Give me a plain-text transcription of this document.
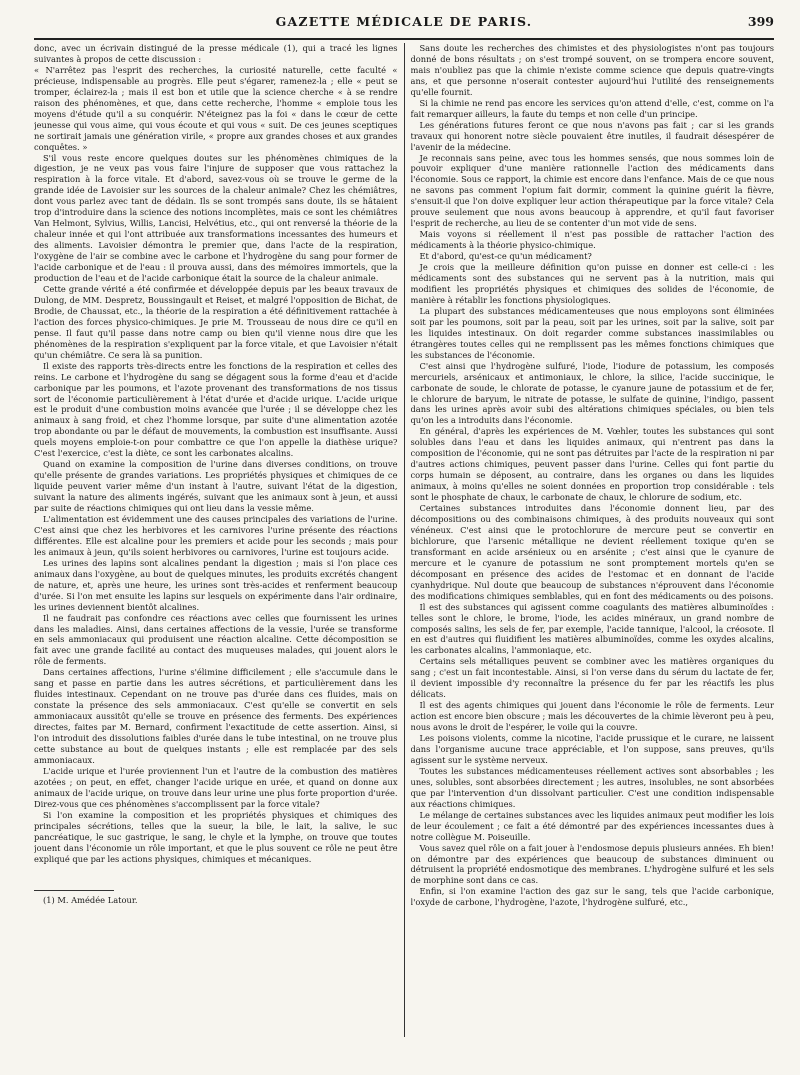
GAZETTE MÉDICALE DE PARIS.	399

donc, avec un écrivain distingué de la presse médicale (1), qui a tracé les lignes suivantes à propos de cette discussion :

« N'arrêtez pas l'esprit des recherches, la curiosité naturelle, cette faculté « précieuse, indispensable au progrès. Elle peut s'égarer, ramenez-la ; elle « peut se tromper, éclairez-la ; mais il est bon et utile que la science cherche « à se rendre raison des phénomènes, et que, dans cette recherche, l'homme « emploie tous les moyens d'étude qu'il a su conquérir. N'éteignez pas la foi « dans le cœur de cette jeunesse qui vous aime, qui vous écoute et qui vous « suit. De ces jeunes sceptiques ne sortirait jamais une génération virile, « propre aux grandes choses et aux grandes conquêtes. »

S'il vous reste encore quelques doutes sur les phénomènes chimiques de la digestion, je ne veux pas vous faire l'injure de supposer que vous rattachez la respiration à la force vitale. Et d'abord, savez-vous où se trouve le germe de la grande idée de Lavoisier sur les sources de la chaleur animale? Chez les chémiâtres, dont vous parlez avec tant de dédain. Ils se sont trompés sans doute, ils se hâtaient trop d'introduire dans la science des notions incomplètes, mais ce sont les chémiâtres Van Helmont, Sylvius, Willis, Lancisi, Helvétius, etc., qui ont renversé la théorie de la chaleur innée et qui l'ont attribuée aux transformations incessantes des humeurs et des aliments. Lavoisier démontra le premier que, dans l'acte de la respiration, l'oxygène de l'air se combine avec le carbone et l'hydrogène du sang pour former de l'acide carbonique et de l'eau : il prouva aussi, dans des mémoires immortels, que la production de l'eau et de l'acide carbonique était la source de la chaleur animale.

Cette grande vérité a été confirmée et développée depuis par les beaux travaux de Dulong, de MM. Despretz, Boussingault et Reiset, et malgré l'opposition de Bichat, de Brodie, de Chaussat, etc., la théorie de la respiration a été définitivement rattachée à l'action des forces physico-chimiques. Je prie M. Trousseau de nous dire ce qu'il en pense. Il faut qu'il passe dans notre camp ou bien qu'il vienne nous dire que les phénomènes de la respiration s'expliquent par la force vitale, et que Lavoisier n'était qu'un chémiâtre. Ce sera là sa punition.

Il existe des rapports très-directs entre les fonctions de la respiration et celles des reins. Le carbone et l'hydrogène du sang se dégagent sous la forme d'eau et d'acide carbonique par les poumons, et l'azote provenant des transformations de nos tissus sort de l'économie particulièrement à l'état d'urée et d'acide urique. L'acide urique est le produit d'une combustion moins avancée que l'urée ; il se développe chez les animaux à sang froid, et chez l'homme lorsque, par suite d'une alimentation azotée trop abondante ou par le défaut de mouvements, la combustion est insuffisante. Aussi quels moyens emploie-t-on pour combattre ce que l'on appelle la diathèse urique? C'est l'exercice, c'est la diète, ce sont les carbonates alcalins.

Quand on examine la composition de l'urine dans diverses conditions, on trouve qu'elle présente de grandes variations. Les propriétés physiques et chimiques de ce liquide peuvent varier même d'un instant à l'autre, suivant l'état de la digestion, suivant la nature des aliments ingérés, suivant que les animaux sont à jeun, et aussi par suite de réactions chimiques qui ont lieu dans la vessie même.

L'alimentation est évidemment une des causes principales des variations de l'urine. C'est ainsi que chez les herbivores et les carnivores l'urine présente des réactions différentes. Elle est alcaline pour les premiers et acide pour les seconds ; mais pour les animaux à jeun, qu'ils soient herbivores ou carnivores, l'urine est toujours acide.

Les urines des lapins sont alcalines pendant la digestion ; mais si l'on place ces animaux dans l'oxygène, au bout de quelques minutes, les produits excrétés changent de nature, et, après une heure, les urines sont très-acides et renferment beaucoup d'urée. Si l'on met ensuite les lapins sur lesquels on expérimente dans l'air ordinaire, les urines deviennent bientôt alcalines.

Il ne faudrait pas confondre ces réactions avec celles que fournissent les urines dans les maladies. Ainsi, dans certaines affections de la vessie, l'urée se transforme en sels ammoniacaux qui produisent une réaction alcaline. Cette décomposition se fait avec une grande facilité au contact des muqueuses malades, qui jouent alors le rôle de ferments.

Dans certaines affections, l'urine s'élimine difficilement ; elle s'accumule dans le sang et passe en partie dans les autres sécrétions, et particulièrement dans les fluides intestinaux. Cependant on ne trouve pas d'urée dans ces fluides, mais on constate la présence des sels ammoniacaux. C'est qu'elle se convertit en sels ammoniacaux aussitôt qu'elle se trouve en présence des ferments. Des expériences directes, faites par M. Bernard, confirment l'exactitude de cette assertion. Ainsi, si l'on introduit des dissolutions faibles d'urée dans le tube intestinal, on ne trouve plus cette substance au bout de quelques instants ; elle est remplacée par des sels ammoniacaux.

L'acide urique et l'urée proviennent l'un et l'autre de la combustion des matières azotées ; on peut, en effet, changer l'acide urique en urée, et quand on donne aux animaux de l'acide urique, on trouve dans leur urine une plus forte proportion d'urée. Direz-vous que ces phénomènes s'accomplissent par la force vitale?

Si l'on examine la composition et les propriétés physiques et chimiques des principales sécrétions, telles que la sueur, la bile, le lait, la salive, le suc pancréatique, le suc gastrique, le sang, le chyle et la lymphe, on trouve que toutes jouent dans l'économie un rôle important, et que le plus souvent ce rôle ne peut être expliqué que par les actions physiques, chimiques et mécaniques.

(1) M. Amédée Latour.

Sans doute les recherches des chimistes et des physiologistes n'ont pas toujours donné de bons résultats ; on s'est trompé souvent, on se trompera encore souvent, mais n'oubliez pas que la chimie n'existe comme science que depuis quatre-vingts ans, et que personne n'oserait contester aujourd'hui l'utilité des renseignements qu'elle fournit.

Si la chimie ne rend pas encore les services qu'on attend d'elle, c'est, comme on l'a fait remarquer ailleurs, la faute du temps et non celle d'un principe.

Les générations futures feront ce que nous n'avons pas fait ; car si les grands travaux qui honorent notre siècle pouvaient être inutiles, il faudrait désespérer de l'avenir de la médecine.

Je reconnais sans peine, avec tous les hommes sensés, que nous sommes loin de pouvoir expliquer d'une manière rationnelle l'action des médicaments dans l'économie. Sous ce rapport, la chimie est encore dans l'enfance. Mais de ce que nous ne savons pas comment l'opium fait dormir, comment la quinine guérit la fièvre, s'ensuit-il que l'on doive expliquer leur action thérapeutique par la force vitale? Cela prouve seulement que nous avons beaucoup à apprendre, et qu'il faut favoriser l'esprit de recherche, au lieu de se contenter d'un mot vide de sens.

Mais voyons si réellement il n'est pas possible de rattacher l'action des médicaments à la théorie physico-chimique.

Et d'abord, qu'est-ce qu'un médicament?

Je crois que la meilleure définition qu'on puisse en donner est celle-ci : les médicaments sont des substances qui ne servent pas à la nutrition, mais qui modifient les propriétés physiques et chimiques des solides de l'économie, de manière à rétablir les fonctions physiologiques.

La plupart des substances médicamenteuses que nous employons sont éliminées soit par les poumons, soit par la peau, soit par les urines, soit par la salive, soit par les liquides intestinaux. On doit regarder comme substances inassimilables ou étrangères toutes celles qui ne remplissent pas les mêmes fonctions chimiques que les substances de l'économie.

C'est ainsi que l'hydrogène sulfuré, l'iode, l'iodure de potassium, les composés mercuriels, arsénicaux et antimoniaux, le chlore, la silice, l'acide succinique, le carbonate de soude, le chlorate de potasse, le cyanure jaune de potassium et de fer, le chlorure de baryum, le nitrate de potasse, le sulfate de quinine, l'indigo, passent dans les urines après avoir subi des altérations chimiques spéciales, ou bien tels qu'on les a introduits dans l'économie.

En général, d'après les expériences de M. Vœhler, toutes les substances qui sont solubles dans l'eau et dans les liquides animaux, qui n'entrent pas dans la composition de l'économie, qui ne sont pas détruites par l'acte de la respiration ni par d'autres actions chimiques, peuvent passer dans l'urine. Celles qui font partie du corps humain se déposent, au contraire, dans les organes ou dans les liquides animaux, à moins qu'elles ne soient données en proportion trop considérable : tels sont le phosphate de chaux, le carbonate de chaux, le chlorure de sodium, etc.

Certaines substances introduites dans l'économie donnent lieu, par des décompositions ou des combinaisons chimiques, à des produits nouveaux qui sont vénéneux. C'est ainsi que le protochlorure de mercure peut se convertir en bichlorure, que l'arsenic métallique ne devient réellement toxique qu'en se transformant en acide arsénieux ou en arsénite ; c'est ainsi que le cyanure de mercure et le cyanure de potassium ne sont promptement mortels qu'en se décomposant en présence des acides de l'estomac et en donnant de l'acide cyanhydrique. Nul doute que beaucoup de substances n'éprouvent dans l'économie des modifications chimiques semblables, qui en font des médicaments ou des poisons.

Il est des substances qui agissent comme coagulants des matières albuminoïdes : telles sont le chlore, le brome, l'iode, les acides minéraux, un grand nombre de composés salins, les sels de fer, par exemple, l'acide tannique, l'alcool, la créosote. Il en est d'autres qui fluidifient les matières albuminoïdes, comme les oxydes alcalins, les carbonates alcalins, l'ammoniaque, etc.

Certains sels métalliques peuvent se combiner avec les matières organiques du sang ; c'est un fait incontestable. Ainsi, si l'on verse dans du sérum du lactate de fer, il devient impossible d'y reconnaître la présence du fer par les réactifs les plus délicats.

Il est des agents chimiques qui jouent dans l'économie le rôle de ferments. Leur action est encore bien obscure ; mais les découvertes de la chimie lèveront peu à peu, nous avons le droit de l'espérer, le voile qui la couvre.

Les poisons violents, comme la nicotine, l'acide prussique et le curare, ne laissent dans l'organisme aucune trace appréciable, et l'on suppose, sans preuves, qu'ils agissent sur le système nerveux.

Toutes les substances médicamenteuses réellement actives sont absorbables ; les unes, solubles, sont absorbées directement ; les autres, insolubles, ne sont absorbées que par l'intervention d'un dissolvant particulier. C'est une condition indispensable aux réactions chimiques.

Le mélange de certaines substances avec les liquides animaux peut modifier les lois de leur écoulement ; ce fait a été démontré par des expériences incessantes dues à notre collègue M. Poiseuille.

Vous savez quel rôle on a fait jouer à l'endosmose depuis plusieurs années. Eh bien! on démontre par des expériences que beaucoup de substances diminuent ou détruisent la propriété endosmotique des membranes. L'hydrogène sulfuré et les sels de morphine sont dans ce cas.

Enfin, si l'on examine l'action des gaz sur le sang, tels que l'acide carbonique, l'oxyde de carbone, l'hydrogène, l'azote, l'hydrogène sulfuré, etc.,
